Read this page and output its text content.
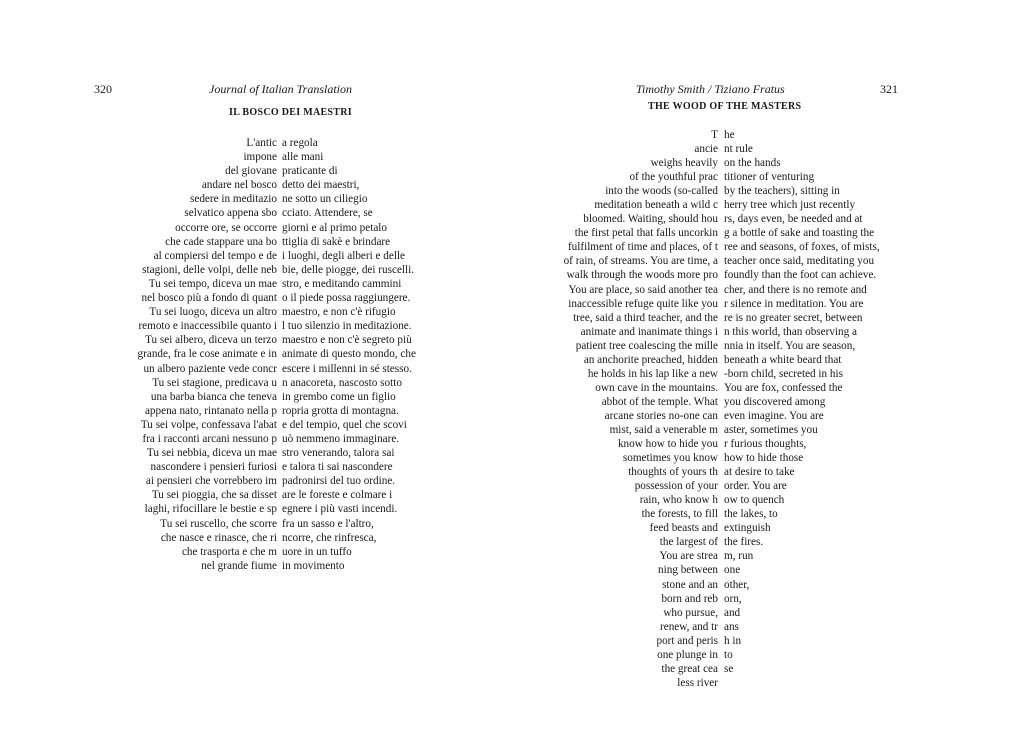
320	Journal of Italian Translation
IL BOSCO DEI MAESTRI
L'antic a regola
impone alle mani
del giovane praticante di
andare nel bosco detto dei maestri,
sedere in meditazio ne sotto un ciliegio
selvatico appena sbo cciato. Attendere, se
occorre ore, se occorre giorni e al primo petalo
che cade stappare una bo ttiglia di sakè e brindare
al compiersi del tempo e de i luoghi, degli alberi e delle
stagioni, delle volpi, delle neb bie, delle piogge, dei ruscelli.
Tu sei tempo, diceva un mae stro, e meditando cammini
nel bosco più a fondo di quant o il piede possa raggiungere.
Tu sei luogo, diceva un altro maestro, e non c'è rifugio
remoto e inaccessibile quanto i l tuo silenzio in meditazione.
Tu sei albero, diceva un terzo maestro e non c'è segreto più
grande, fra le cose animate e in animate di questo mondo, che
un albero paziente vede concr escere i millenni in sé stesso.
Tu sei stagione, predicava u n anacoreta, nascosto sotto
una barba bianca che teneva in grembo come un figlio
appena nato, rintanato nella p ropria grotta di montagna.
Tu sei volpe, confessava l'abat e del tempio, quel che scovi
fra i racconti arcani nessuno p uò nemmeno immaginare.
Tu sei nebbia, diceva un mae stro venerando, talora sai
nascondere i pensieri furiosi e talora ti sai nascondere
ai pensieri che vorrebbero im padronirsi del tuo ordine.
Tu sei pioggia, che sa disset are le foreste e colmare i
laghi, rifocillare le bestie e sp egnere i più vasti incendi.
Tu sei ruscello, che scorre fra un sasso e l'altro,
che nasce e rinasce, che ri ncorre, che rinfresca,
che trasporta e che m uore in un tuffo
nel grande fiume in movimento
Timothy Smith / Tiziano Fratus	321
THE WOOD OF THE MASTERS
T he
ancie nt rule
weighs heavily on the hands
of the youthful prac titioner of venturing
into the woods (so-called by the teachers), sitting in
meditation beneath a wild c herry tree which just recently
bloomed. Waiting, should hou rs, days even, be needed and at
the first petal that falls uncorkin g a bottle of sake and toasting the
fulfilment of time and places, of t ree and seasons, of foxes, of mists,
of rain, of streams. You are time, a teacher once said, meditating you
walk through the woods more pro foundly than the foot can achieve.
You are place, so said another tea cher, and there is no remote and
inaccessible refuge quite like you r silence in meditation. You are
tree, said a third teacher, and the re is no greater secret, between
animate and inanimate things i n this world, than observing a
patient tree coalescing the mille nnia in itself. You are season,
an anchorite preached, hidden beneath a white beard that
he holds in his lap like a new -born child, secreted in his
own cave in the mountains. You are fox, confessed the
abbot of the temple. What you discovered among
arcane stories no-one can even imagine. You are
mist, said a venerable m aster, sometimes you
know how to hide you r furious thoughts,
sometimes you know how to hide those
thoughts of yours th at desire to take
possession of your order. You are
rain, who know h ow to quench
the forests, to fill the lakes, to
feed beasts and extinguish
the largest of the fires.
You are strea m, run
ning between one
stone and an other,
born and reb orn,
who pursue, and
renew, and tr ans
port and peris h in
one plunge in to
the great cea se
less river
